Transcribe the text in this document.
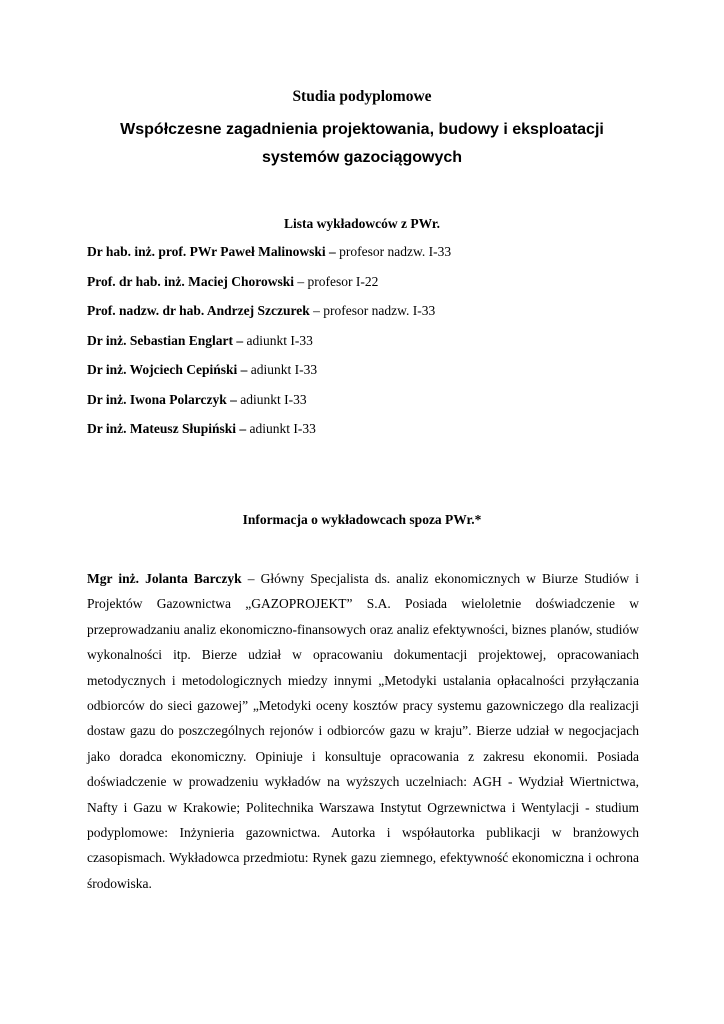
Studia podyplomowe
Współczesne zagadnienia projektowania, budowy i eksploatacji
systemów gazociągowych
Lista wykładowców z PWr.
Dr hab. inż. prof. PWr Paweł Malinowski – profesor nadzw. I-33
Prof. dr hab. inż. Maciej Chorowski – profesor I-22
Prof. nadzw. dr hab. Andrzej Szczurek – profesor nadzw. I-33
Dr inż. Sebastian Englart – adiunkt I-33
Dr inż. Wojciech Cepiński – adiunkt I-33
Dr inż. Iwona Polarczyk – adiunkt I-33
Dr inż. Mateusz Słupiński – adiunkt I-33
Informacja o wykładowcach spoza PWr.*

Mgr inż. Jolanta Barczyk – Główny Specjalista ds. analiz ekonomicznych w Biurze Studiów i Projektów Gazownictwa „GAZOPROJEKT” S.A. Posiada wieloletnie doświadczenie w przeprowadzaniu analiz ekonomiczno-finansowych oraz analiz efektywności, biznes planów, studiów wykonalności itp. Bierze udział w opracowaniu dokumentacji projektowej, opracowaniach metodycznych i metodologicznych miedzy innymi „Metodyki ustalania opłacalności przyłączania odbiorców do sieci gazowej” „Metodyki oceny kosztów pracy systemu gazowniczego dla realizacji dostaw gazu do poszczególnych rejonów i odbiorców gazu w kraju”. Bierze udział w negocjacjach jako doradca ekonomiczny. Opiniuje i konsultuje opracowania z zakresu ekonomii. Posiada doświadczenie w prowadzeniu wykładów na wyższych uczelniach: AGH - Wydział Wiertnictwa, Nafty i Gazu w Krakowie; Politechnika Warszawa Instytut Ogrzewnictwa i Wentylacji - studium podyplomowe: Inżynieria gazownictwa. Autorka i współautorka publikacji w branżowych czasopismach. Wykładowca przedmiotu: Rynek gazu ziemnego, efektywność ekonomiczna i ochrona środowiska.
